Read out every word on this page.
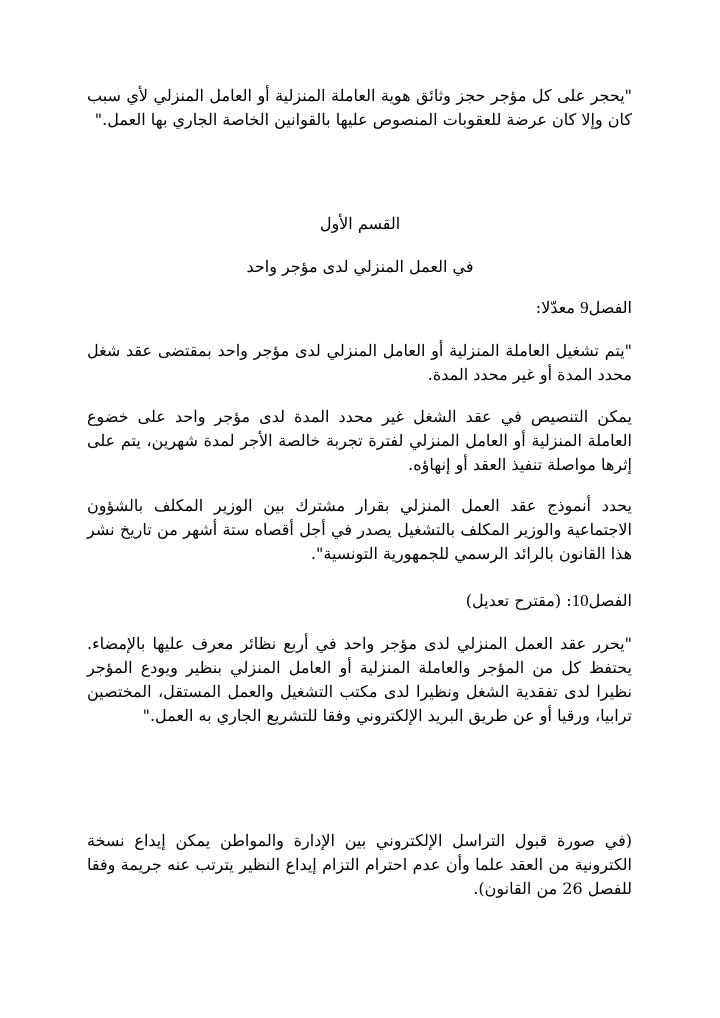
"يحجر على كل مؤجر حجز وثائق هوية العاملة المنزلية أو العامل المنزلي لأي سبب كان وإلا كان عرضة للعقوبات المنصوص عليها بالقوانين الخاصة الجاري بها العمل."

القسم الأول

في العمل المنزلي لدى مؤجر واحد

الفصل9 معدّلا:

"يتم تشغيل العاملة المنزلية أو العامل المنزلي لدى مؤجر واحد بمقتضى عقد شغل محدد المدة أو غير محدد المدة.

يمكن التنصيص في عقد الشغل غير محدد المدة لدى مؤجر واحد على خضوع العاملة المنزلية أو العامل المنزلي لفترة تجربة خالصة الأجر لمدة شهرين، يتم على إثرها مواصلة تنفيذ العقد أو إنهاؤه.

يحدد أنموذج عقد العمل المنزلي بقرار مشترك بين الوزير المكلف بالشؤون الاجتماعية والوزير المكلف بالتشغيل يصدر في أجل أقصاه ستة أشهر من تاريخ نشر هذا القانون بالرائد الرسمي للجمهورية التونسية".

الفصل10: (مقترح تعديل)

"يحرر عقد العمل المنزلي لدى مؤجر واحد في أربع نظائر معرف عليها بالإمضاء. يحتفظ كل من المؤجر والعاملة المنزلية أو العامل المنزلي بنظير ويودع المؤجر نظيرا لدى تفقدية الشغل ونظيرا لدى مكتب التشغيل والعمل المستقل، المختصين ترابيا، ورقيا أو عن طريق البريد الإلكتروني وفقا للتشريع الجاري به العمل."

(في صورة قبول التراسل الإلكتروني بين الإدارة والمواطن يمكن إيداع نسخة الكترونية من العقد علما وأن عدم احترام التزام إيداع النظير يترتب عنه جريمة وفقا للفصل 26 من القانون).
